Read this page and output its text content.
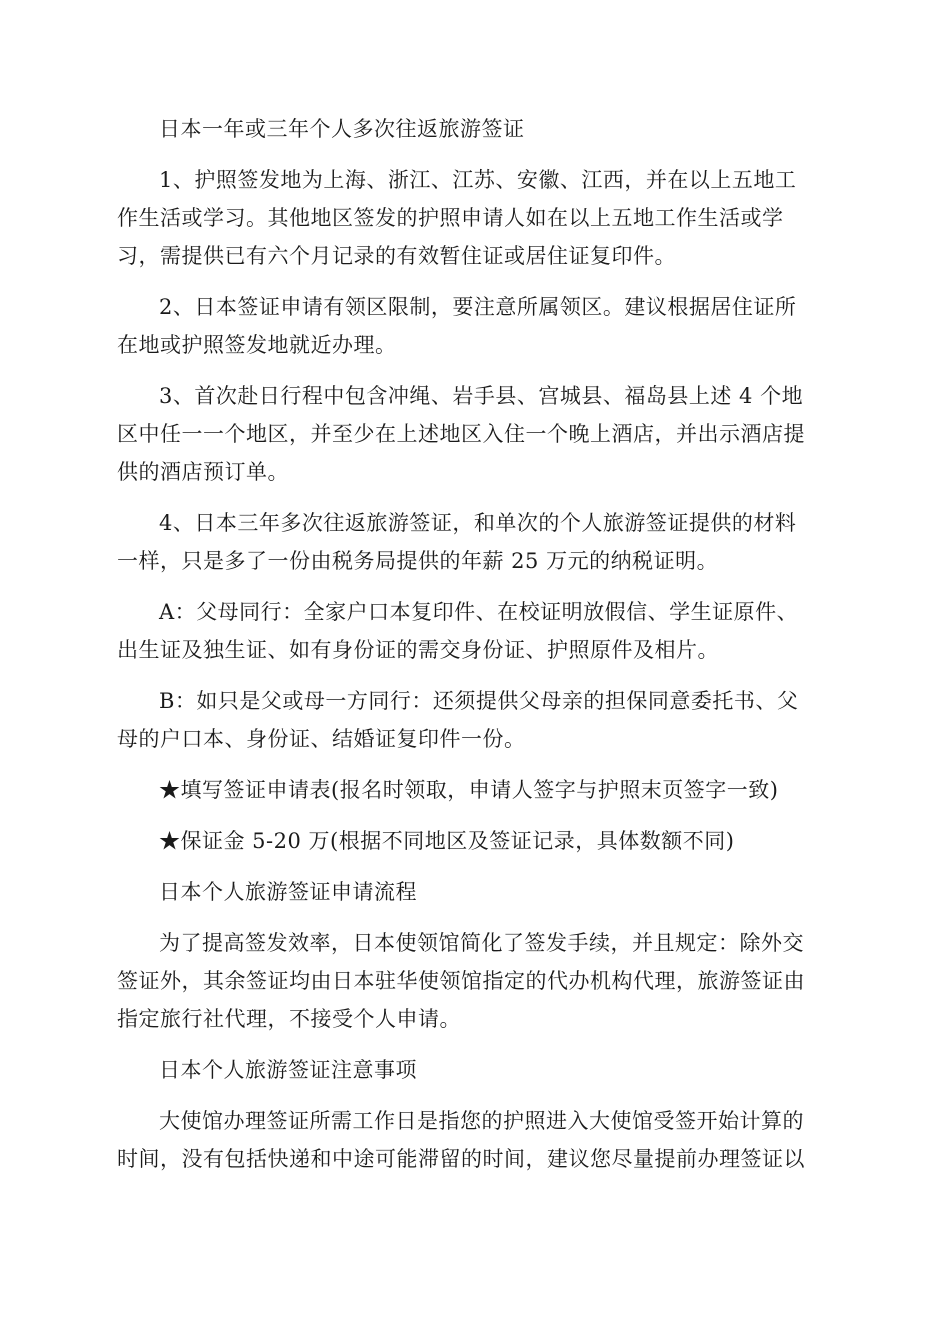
日本一年或三年个人多次往返旅游签证
1、护照签发地为上海、浙江、江苏、安徽、江西，并在以上五地工
作生活或学习。其他地区签发的护照申请人如在以上五地工作生活或学
习，需提供已有六个月记录的有效暂住证或居住证复印件。
2、日本签证申请有领区限制，要注意所属领区。建议根据居住证所
在地或护照签发地就近办理。
3、首次赴日行程中包含冲绳、岩手县、宫城县、福岛县上述 4 个地
区中任一一个地区，并至少在上述地区入住一个晚上酒店，并出示酒店提
供的酒店预订单。
4、日本三年多次往返旅游签证，和单次的个人旅游签证提供的材料
一样，只是多了一份由税务局提供的年薪 25 万元的纳税证明。
A：父母同行：全家户口本复印件、在校证明放假信、学生证原件、
出生证及独生证、如有身份证的需交身份证、护照原件及相片。
B：如只是父或母一方同行：还须提供父母亲的担保同意委托书、父
母的户口本、身份证、结婚证复印件一份。
★填写签证申请表(报名时领取，申请人签字与护照末页签字一致)
★保证金 5-20 万(根据不同地区及签证记录，具体数额不同)
日本个人旅游签证申请流程
为了提高签发效率，日本使领馆简化了签发手续，并且规定：除外交
签证外，其余签证均由日本驻华使领馆指定的代办机构代理，旅游签证由
指定旅行社代理，不接受个人申请。
日本个人旅游签证注意事项
大使馆办理签证所需工作日是指您的护照进入大使馆受签开始计算的
时间，没有包括快递和中途可能滞留的时间，建议您尽量提前办理签证以
